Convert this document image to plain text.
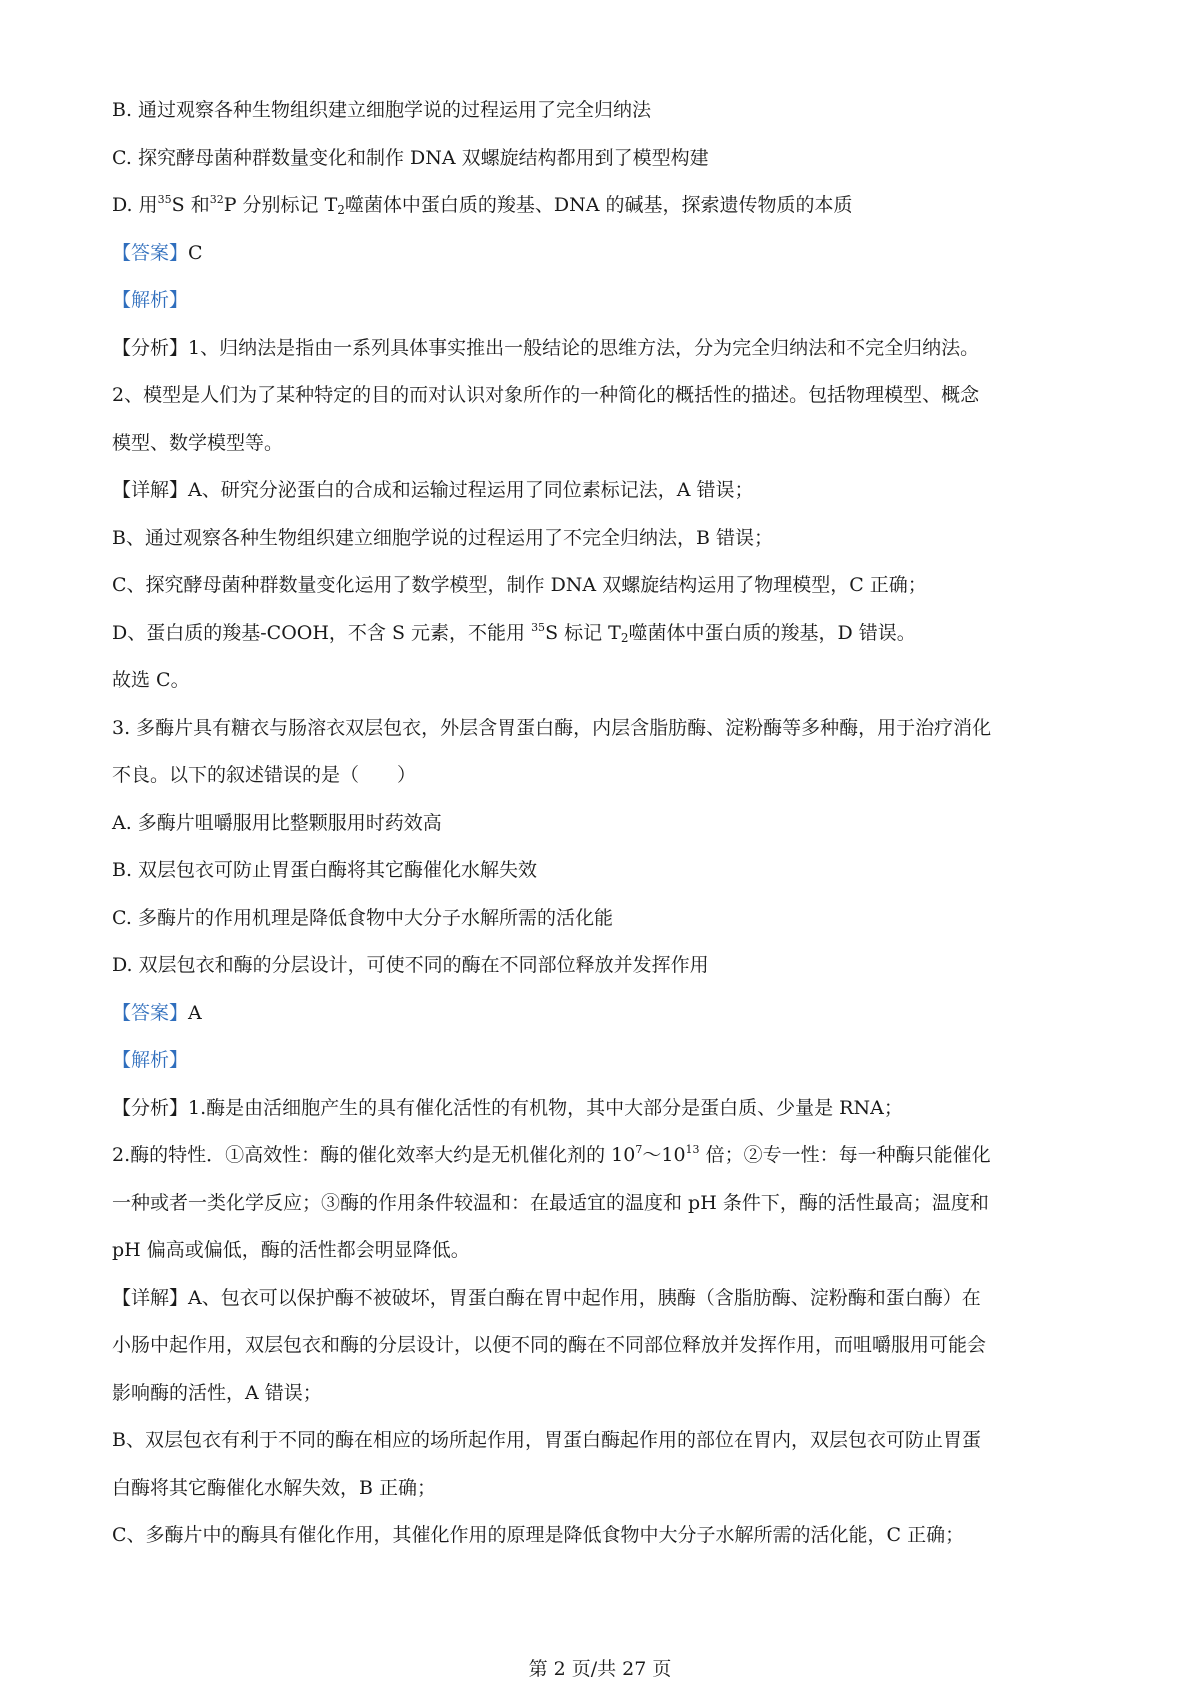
B. 通过观察各种生物组织建立细胞学说的过程运用了完全归纳法

C. 探究酵母菌种群数量变化和制作 DNA 双螺旋结构都用到了模型构建

D. 用$^{35}$S 和$^{32}$P 分别标记 $T_2$噬菌体中蛋白质的羧基、DNA 的碱基，探索遗传物质的本质

【答案】C

【解析】

【分析】1、归纳法是指由一系列具体事实推出一般结论的思维方法，分为完全归纳法和不完全归纳法。

2、模型是人们为了某种特定的目的而对认识对象所作的一种简化的概括性的描述。包括物理模型、概念

模型、数学模型等。

【详解】A、研究分泌蛋白的合成和运输过程运用了同位素标记法，A 错误；

B、通过观察各种生物组织建立细胞学说的过程运用了不完全归纳法，B 错误；

C、探究酵母菌种群数量变化运用了数学模型，制作 DNA 双螺旋结构运用了物理模型，C 正确；

D、蛋白质的羧基-COOH，不含 S 元素，不能用 $^{35}$S 标记 $T_2$噬菌体中蛋白质的羧基，D 错误。

故选 C。

3. 多酶片具有糖衣与肠溶衣双层包衣，外层含胃蛋白酶，内层含脂肪酶、淀粉酶等多种酶，用于治疗消化

不良。以下的叙述错误的是（　　）

A. 多酶片咀嚼服用比整颗服用时药效高

B. 双层包衣可防止胃蛋白酶将其它酶催化水解失效

C. 多酶片的作用机理是降低食物中大分子水解所需的活化能

D. 双层包衣和酶的分层设计，可使不同的酶在不同部位释放并发挥作用

【答案】A

【解析】

【分析】1.酶是由活细胞产生的具有催化活性的有机物，其中大部分是蛋白质、少量是 RNA；

2.酶的特性．①高效性：酶的催化效率大约是无机催化剂的 $10^7\sim 10^{13}$ 倍；②专一性：每一种酶只能催化

一种或者一类化学反应；③酶的作用条件较温和：在最适宜的温度和 pH 条件下，酶的活性最高；温度和

pH 偏高或偏低，酶的活性都会明显降低。

【详解】A、包衣可以保护酶不被破坏，胃蛋白酶在胃中起作用，胰酶（含脂肪酶、淀粉酶和蛋白酶）在

小肠中起作用，双层包衣和酶的分层设计，以便不同的酶在不同部位释放并发挥作用，而咀嚼服用可能会

影响酶的活性，A 错误；

B、双层包衣有利于不同的酶在相应的场所起作用，胃蛋白酶起作用的部位在胃内，双层包衣可防止胃蛋

白酶将其它酶催化水解失效，B 正确；

C、多酶片中的酶具有催化作用，其催化作用的原理是降低食物中大分子水解所需的活化能，C 正确；

第 2 页/共 27 页
